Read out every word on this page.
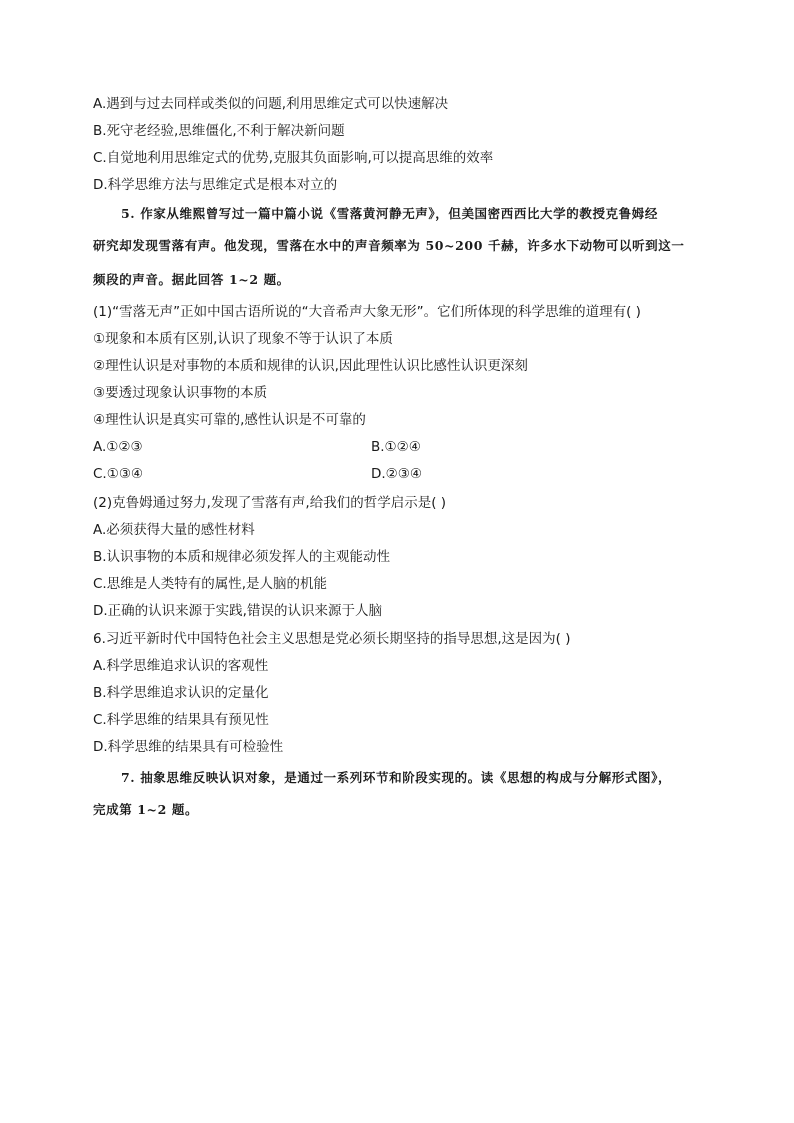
A.遇到与过去同样或类似的问题,利用思维定式可以快速解决
B.死守老经验,思维僵化,不利于解决新问题
C.自觉地利用思维定式的优势,克服其负面影响,可以提高思维的效率
D.科学思维方法与思维定式是根本对立的
5. 作家从维熙曾写过一篇中篇小说《雪落黄河静无声》，但美国密西西比大学的教授克鲁姆经
研究却发现雪落有声。他发现，雪落在水中的声音频率为 50~200 千赫，许多水下动物可以听到这一
频段的声音。据此回答 1~2 题。
(1)“雪落无声”正如中国古语所说的“大音希声大象无形”。它们所体现的科学思维的道理有( )
①现象和本质有区别,认识了现象不等于认识了本质
②理性认识是对事物的本质和规律的认识,因此理性认识比感性认识更深刻
③要透过现象认识事物的本质
④理性认识是真实可靠的,感性认识是不可靠的
A.①②③	B.①②④
C.①③④	D.②③④
(2)克鲁姆通过努力,发现了雪落有声,给我们的哲学启示是( )
A.必须获得大量的感性材料
B.认识事物的本质和规律必须发挥人的主观能动性
C.思维是人类特有的属性,是人脑的机能
D.正确的认识来源于实践,错误的认识来源于人脑
6.习近平新时代中国特色社会主义思想是党必须长期坚持的指导思想,这是因为( )
A.科学思维追求认识的客观性
B.科学思维追求认识的定量化
C.科学思维的结果具有预见性
D.科学思维的结果具有可检验性
7. 抽象思维反映认识对象，是通过一系列环节和阶段实现的。读《思想的构成与分解形式图》，
完成第 1~2 题。
